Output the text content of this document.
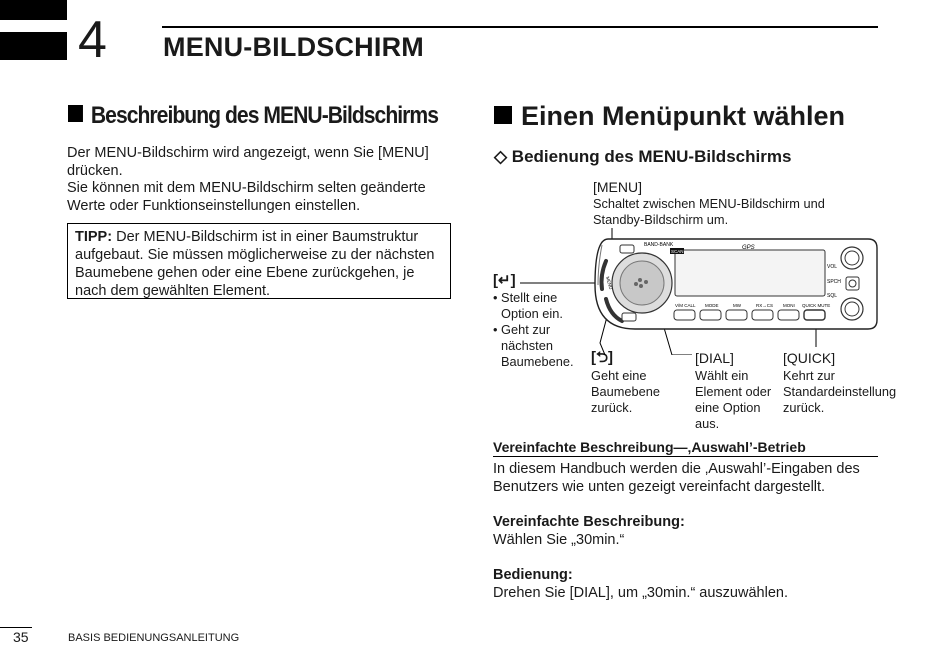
4 MENU-BILDSCHIRM
Beschreibung des MENU-Bildschirms
Der MENU-Bildschirm wird angezeigt, wenn Sie [MENU]
drücken.
Sie können mit dem MENU-Bildschirm selten geänderte
Werte oder Funktionseinstellungen einstellen.
TIPP: Der MENU-Bildschirm ist in einer Baumstruktur
aufgebaut. Sie müssen möglicherweise zu der nächsten
Baumebene gehen oder eine Ebene zurückgehen, je
nach dem gewählten Element.
Einen Menüpunkt wählen
◇ Bedienung des MENU-Bildschirms
[MENU]
Schaltet zwischen MENU-Bildschirm und
Standby-Bildschirm um.
[↵]
• Stellt eine
Option ein.
• Geht zur
nächsten
Baumebene. [⮌]
Geht eine
Baumebene
zurück.
[DIAL]
Wählt ein
Element oder
eine Option
aus.
[QUICK]
Kehrt zur
Standardeinstellung
zurück.
BAND-BANK
SCAN
GPS
MENU
VOL
SPCH
SQL
V/M CALL MODE	MW	RX→CS MONI QUICK MUTE
Vereinfachte Beschreibung—‚Auswahl’-Betrieb
In diesem Handbuch werden die ‚Auswahl’-Eingaben des
Benutzers wie unten gezeigt vereinfacht dargestellt.
Vereinfachte Beschreibung:
Wählen Sie „30min.“
Bedienung:
Drehen Sie [DIAL], um „30min.“ auszuwählen.
35	BASIS BEDIENUNGSANLEITUNG
